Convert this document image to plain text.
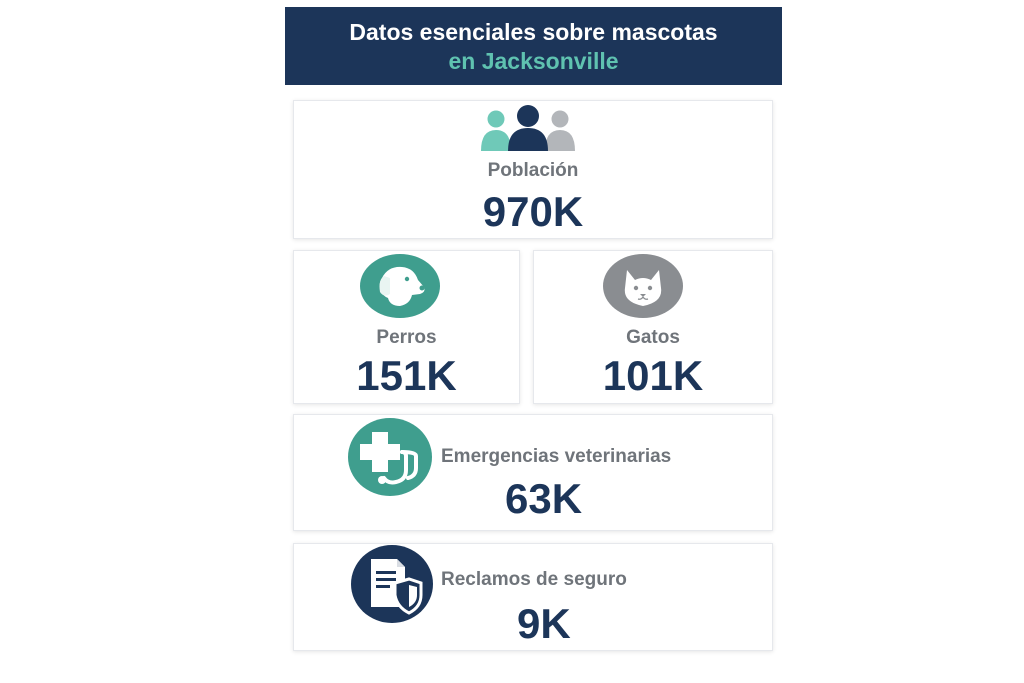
Datos esenciales sobre mascotas
en Jacksonville
Población
970K
Perros
151K
Gatos
101K
Emergencias veterinarias
63K
Reclamos de seguro
9K
